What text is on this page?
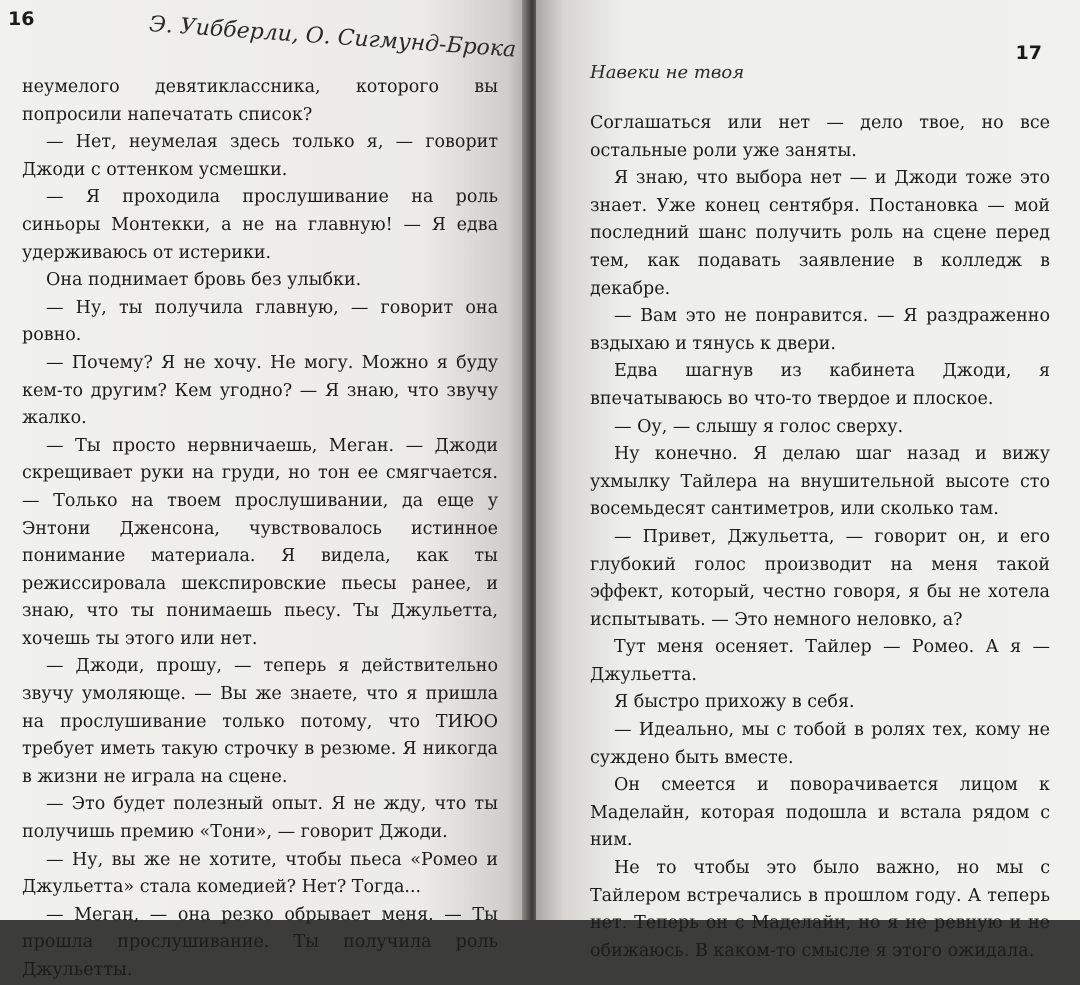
16	Э. Уибберли, О. Сигмунд-Брока

неумелого девятиклассника, которого вы попросили напечатать список?

— Нет, неумелая здесь только я, — говорит Джоди с оттенком усмешки.

— Я проходила прослушивание на роль синьоры Монтекки, а не на главную! — Я едва удерживаюсь от истерики.

Она поднимает бровь без улыбки.

— Ну, ты получила главную, — говорит она ровно.

— Почему? Я не хочу. Не могу. Можно я буду кем-то другим? Кем угодно? — Я знаю, что звучу жалко.

— Ты просто нервничаешь, Меган. — Джоди скрещивает руки на груди, но тон ее смягчается. — Только на твоем прослушивании, да еще у Энтони Дженсона, чувствовалось истинное понимание материала. Я видела, как ты режиссировала шекспировские пьесы ранее, и знаю, что ты понимаешь пьесу. Ты Джульетта, хочешь ты этого или нет.

— Джоди, прошу, — теперь я действительно звучу умоляюще. — Вы же знаете, что я пришла на прослушивание только потому, что ТИЮО требует иметь такую строчку в резюме. Я никогда в жизни не играла на сцене.

— Это будет полезный опыт. Я не жду, что ты получишь премию «Тони», — говорит Джоди.

— Ну, вы же не хотите, чтобы пьеса «Ромео и Джульетта» стала комедией? Нет? Тогда...

— Меган, — она резко обрывает меня. — Ты прошла прослушивание. Ты получила роль Джульетты.

17
Навеки не твоя

Соглашаться или нет — дело твое, но все остальные роли уже заняты.

Я знаю, что выбора нет — и Джоди тоже это знает. Уже конец сентября. Постановка — мой последний шанс получить роль на сцене перед тем, как подавать заявление в колледж в декабре.

— Вам это не понравится. — Я раздраженно вздыхаю и тянусь к двери.

Едва шагнув из кабинета Джоди, я впечатываюсь во что-то твердое и плоское.

— Оу, — слышу я голос сверху.

Ну конечно. Я делаю шаг назад и вижу ухмылку Тайлера на внушительной высоте сто восемьдесят сантиметров, или сколько там.

— Привет, Джульетта, — говорит он, и его глубокий голос производит на меня такой эффект, который, честно говоря, я бы не хотела испытывать. — Это немного неловко, а?

Тут меня осеняет. Тайлер — Ромео. А я — Джульетта.

Я быстро прихожу в себя.

— Идеально, мы с тобой в ролях тех, кому не суждено быть вместе.

Он смеется и поворачивается лицом к Маделайн, которая подошла и встала рядом с ним.

Не то чтобы это было важно, но мы с Тайлером встречались в прошлом году. А теперь нет. Теперь он с Маделайн, но я не ревную и не обижаюсь. В каком-то смысле я этого ожидала.
